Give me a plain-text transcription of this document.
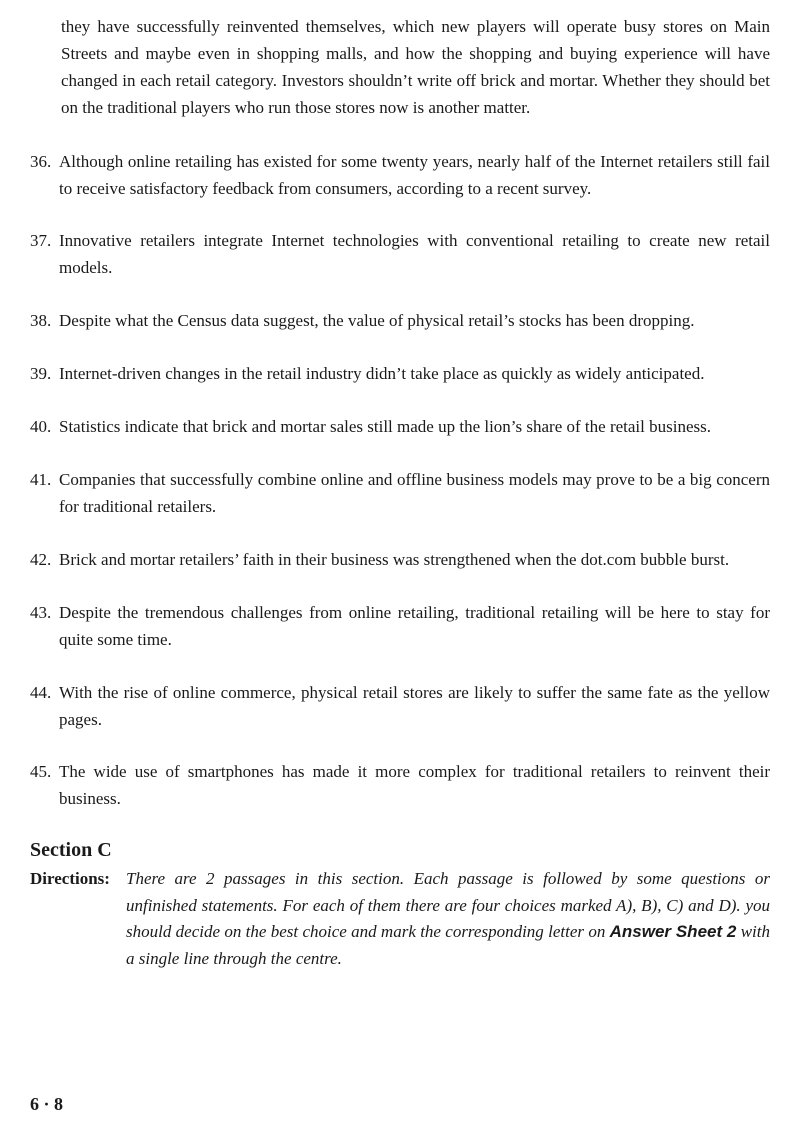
they have successfully reinvented themselves, which new players will operate busy stores on Main Streets and maybe even in shopping malls, and how the shopping and buying experience will have changed in each retail category. Investors shouldn’t write off brick and mortar. Whether they should bet on the traditional players who run those stores now is another matter.

36. Although online retailing has existed for some twenty years, nearly half of the Internet retailers still fail to receive satisfactory feedback from consumers, according to a recent survey.
37. Innovative retailers integrate Internet technologies with conventional retailing to create new retail models.
38. Despite what the Census data suggest, the value of physical retail’s stocks has been dropping.
39. Internet-driven changes in the retail industry didn’t take place as quickly as widely anticipated.
40. Statistics indicate that brick and mortar sales still made up the lion’s share of the retail business.
41. Companies that successfully combine online and offline business models may prove to be a big concern for traditional retailers.
42. Brick and mortar retailers’ faith in their business was strengthened when the dot.com bubble burst.
43. Despite the tremendous challenges from online retailing, traditional retailing will be here to stay for quite some time.
44. With the rise of online commerce, physical retail stores are likely to suffer the same fate as the yellow pages.
45. The wide use of smartphones has made it more complex for traditional retailers to reinvent their business.
Section C
Directions: There are 2 passages in this section. Each passage is followed by some questions or unfinished statements. For each of them there are four choices marked A), B), C) and D). you should decide on the best choice and mark the corresponding letter on Answer Sheet 2 with a single line through the centre.

6 · 8
